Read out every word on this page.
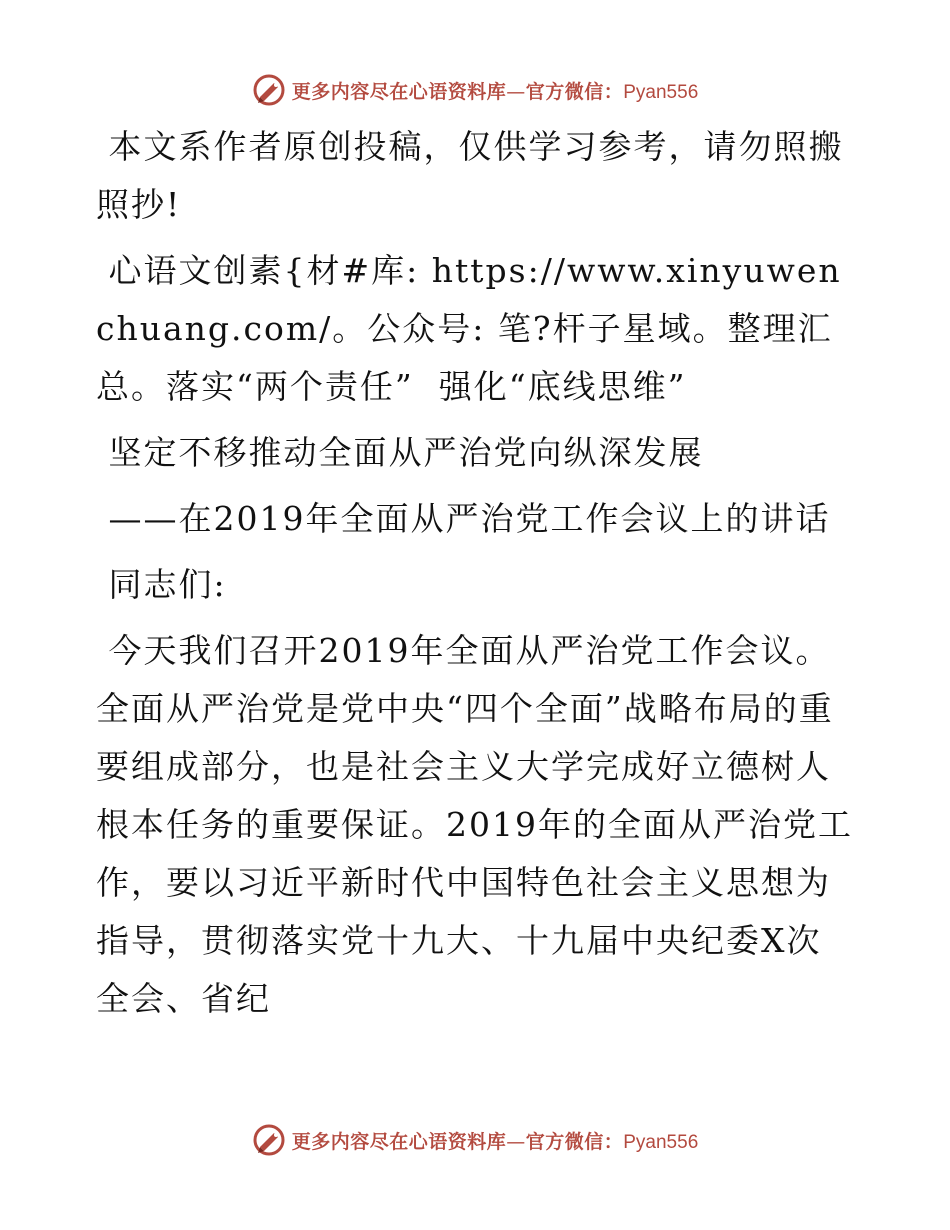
更多内容尽在心语资料库—官方微信：Pyan556

本文系作者原创投稿，仅供学习参考，请勿照搬照抄!

心语文创素{材#库: https://www.xinyuwenchuang.com/。公众号: 笔?杆子星域。整理汇总。落实“两个责任”  强化“底线思维”

坚定不移推动全面从严治党向纵深发展

——在2019年全面从严治党工作会议上的讲话

同志们:

今天我们召开2019年全面从严治党工作会议。全面从严治党是党中央“四个全面”战略布局的重要组成部分，也是社会主义大学完成好立德树人根本任务的重要保证。2019年的全面从严治党工作，要以习近平新时代中国特色社会主义思想为指导，贯彻落实党十九大、十九届中央纪委X次全会、省纪

更多内容尽在心语资料库—官方微信：Pyan556
